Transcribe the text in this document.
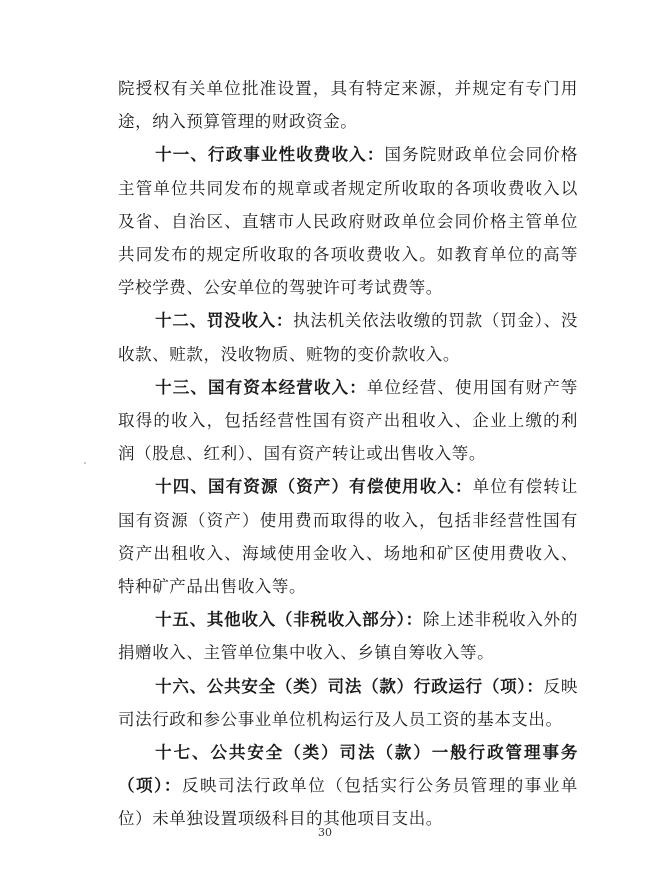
院授权有关单位批准设置，具有特定来源，并规定有专门用途，纳入预算管理的财政资金。

十一、行政事业性收费收入：国务院财政单位会同价格主管单位共同发布的规章或者规定所收取的各项收费收入以及省、自治区、直辖市人民政府财政单位会同价格主管单位共同发布的规定所收取的各项收费收入。如教育单位的高等学校学费、公安单位的驾驶许可考试费等。

十二、罚没收入：执法机关依法收缴的罚款（罚金）、没收款、赃款，没收物质、赃物的变价款收入。

十三、国有资本经营收入：单位经营、使用国有财产等取得的收入，包括经营性国有资产出租收入、企业上缴的利润（股息、红利）、国有资产转让或出售收入等。

十四、国有资源（资产）有偿使用收入：单位有偿转让国有资源（资产）使用费而取得的收入，包括非经营性国有资产出租收入、海域使用金收入、场地和矿区使用费收入、特种矿产品出售收入等。

十五、其他收入（非税收入部分）：除上述非税收入外的捐赠收入、主管单位集中收入、乡镇自筹收入等。

十六、公共安全（类）司法（款）行政运行（项）：反映司法行政和参公事业单位机构运行及人员工资的基本支出。

十七、公共安全（类）司法（款）一般行政管理事务（项）：反映司法行政单位（包括实行公务员管理的事业单位）未单独设置项级科目的其他项目支出。

30
